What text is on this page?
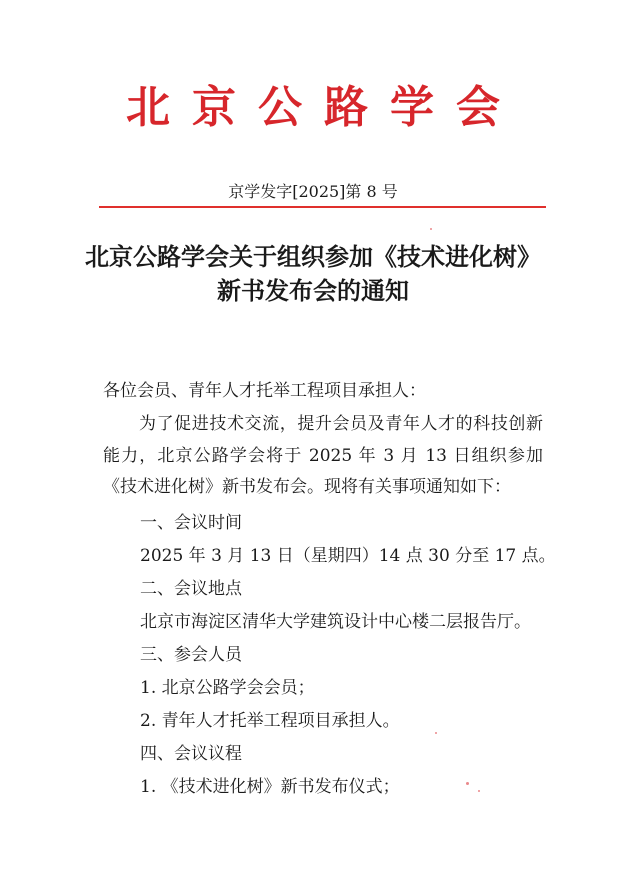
北京公路学会
京学发字[2025]第 8 号
北京公路学会关于组织参加《技术进化树》
新书发布会的通知
各位会员、青年人才托举工程项目承担人：
为了促进技术交流，提升会员及青年人才的科技创新能力，北京公路学会将于 2025 年 3 月 13 日组织参加《技术进化树》新书发布会。现将有关事项通知如下：
一、会议时间
2025 年 3 月 13 日（星期四）14 点 30 分至 17 点。
二、会议地点
北京市海淀区清华大学建筑设计中心楼二层报告厅。
三、参会人员
1. 北京公路学会会员；
2. 青年人才托举工程项目承担人。
四、会议议程
1. 《技术进化树》新书发布仪式；
